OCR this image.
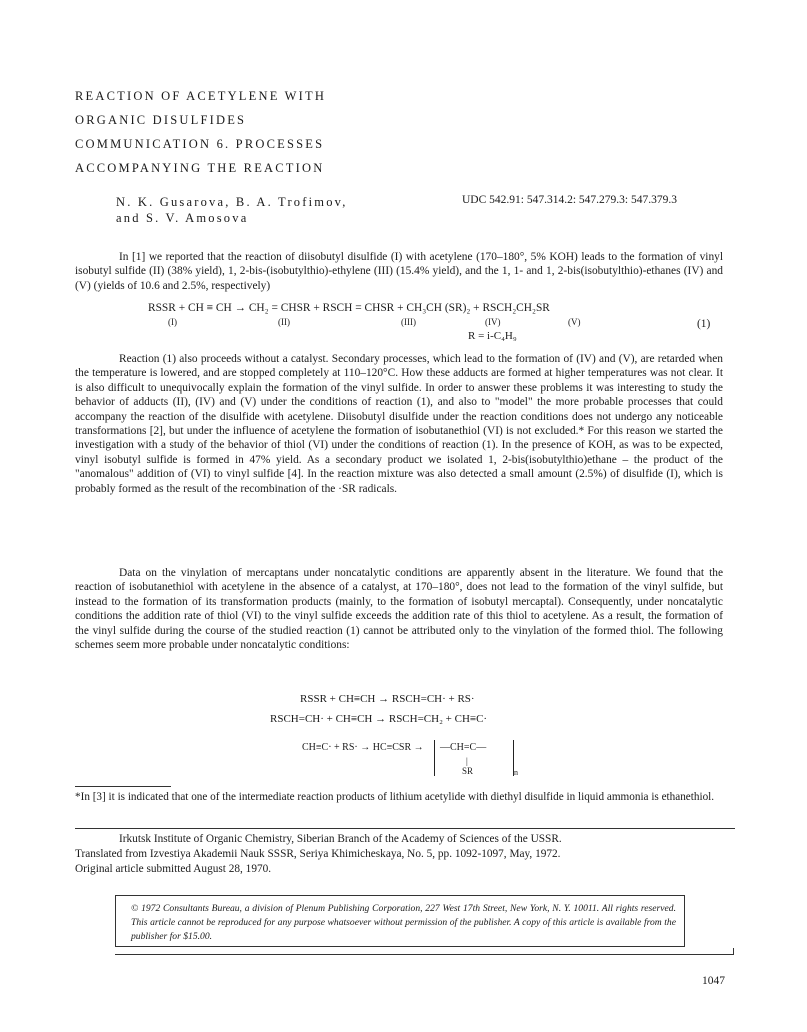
REACTION OF ACETYLENE WITH
ORGANIC DISULFIDES
COMMUNICATION 6. PROCESSES
ACCOMPANYING THE REACTION
N. K. Gusarova, B. A. Trofimov,
and S. V. Amosova
UDC 542.91: 547.314.2: 547.279.3: 547.379.3

In [1] we reported that the reaction of diisobutyl disulfide (I) with acetylene (170–180°, 5% KOH) leads to the formation of vinyl isobutyl sulfide (II) (38% yield), 1, 2-bis-(isobutylthio)-ethylene (III) (15.4% yield), and the 1, 1- and 1, 2-bis(isobutylthio)-ethanes (IV) and (V) (yields of 10.6 and 2.5%, respectively)

RSSR + CH ≡ CH → CH₂ = CHSR + RSCH = CHSR + CH₃CH (SR)₂ + RSCH₂CH₂SR
(I)	(II)	(III)	(IV)	(V)
R = i-C₄H₉
(1)

Reaction (1) also proceeds without a catalyst. Secondary processes, which lead to the formation of (IV) and (V), are retarded when the temperature is lowered, and are stopped completely at 110–120°C. How these adducts are formed at higher temperatures was not clear. It is also difficult to unequivocally explain the formation of the vinyl sulfide. In order to answer these problems it was interesting to study the behavior of adducts (II), (IV) and (V) under the conditions of reaction (1), and also to "model" the more probable processes that could accompany the reaction of the disulfide with acetylene. Diisobutyl disulfide under the reaction conditions does not undergo any noticeable transformations [2], but under the influence of acetylene the formation of isobutanethiol (VI) is not excluded.* For this reason we started the investigation with a study of the behavior of thiol (VI) under the conditions of reaction (1). In the presence of KOH, as was to be expected, vinyl isobutyl sulfide is formed in 47% yield. As a secondary product we isolated 1, 2-bis(isobutylthio)ethane – the product of the "anomalous" addition of (VI) to vinyl sulfide [4]. In the reaction mixture was also detected a small amount (2.5%) of disulfide (I), which is probably formed as the result of the recombination of the ·SR radicals.

Data on the vinylation of mercaptans under noncatalytic conditions are apparently absent in the literature. We found that the reaction of isobutanethiol with acetylene in the absence of a catalyst, at 170–180°, does not lead to the formation of the vinyl sulfide, but instead to the formation of its transformation products (mainly, to the formation of isobutyl mercaptal). Consequently, under noncatalytic conditions the addition rate of thiol (VI) to the vinyl sulfide exceeds the addition rate of this thiol to acetylene. As a result, the formation of the vinyl sulfide during the course of the studied reaction (1) cannot be attributed only to the vinylation of the formed thiol. The following schemes seem more probable under noncatalytic conditions:

RSSR + CH≡CH → RSCH=CH· + RS·
RSCH=CH· + CH≡CH → RSCH=CH₂ + CH≡C·
CH≡C· + RS· → HC≡CSR → —CH=C—
|
SR	n

*In [3] it is indicated that one of the intermediate reaction products of lithium acetylide with diethyl disulfide in liquid ammonia is ethanethiol.

Irkutsk Institute of Organic Chemistry, Siberian Branch of the Academy of Sciences of the USSR.
Translated from Izvestiya Akademii Nauk SSSR, Seriya Khimicheskaya, No. 5, pp. 1092-1097, May, 1972.
Original article submitted August 28, 1970.

© 1972 Consultants Bureau, a division of Plenum Publishing Corporation, 227 West 17th Street, New York, N. Y. 10011. All rights reserved. This article cannot be reproduced for any purpose whatsoever without permission of the publisher. A copy of this article is available from the publisher for $15.00.

1047
